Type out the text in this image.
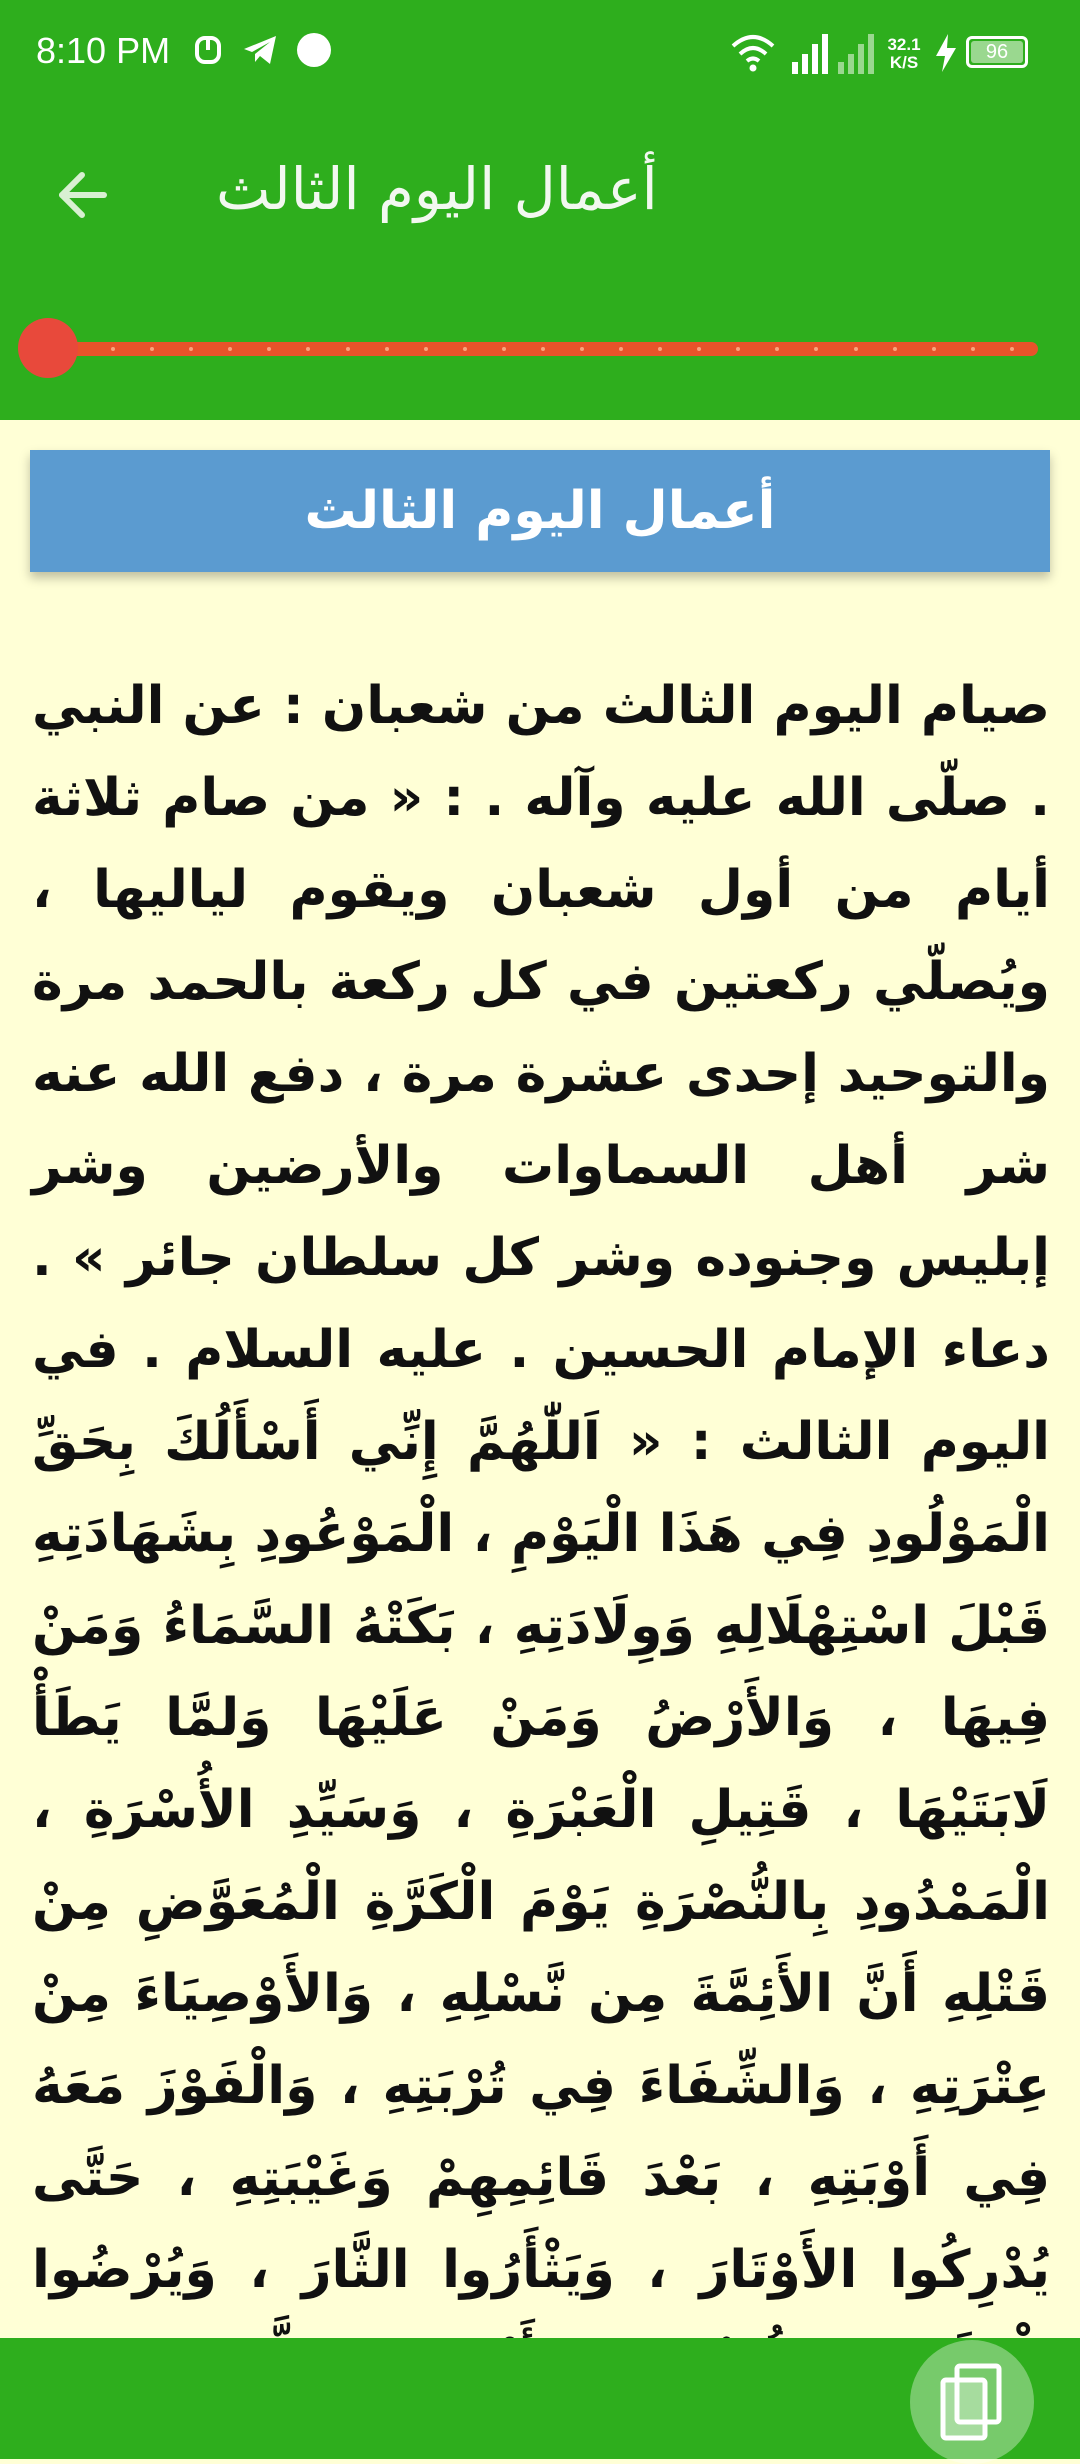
8:10 PM	32.1
K/S	96
أعمال اليوم الثالث
أعمال اليوم الثالث
صيام اليوم الثالث من شعبان : عن النبي . صلّى الله عليه وآله . : « من صام ثلاثة أيام من أول شعبان ويقوم لياليها ، ويُصلّي ركعتين في كل ركعة بالحمد مرة والتوحيد إحدى عشرة مرة ، دفع الله عنه شر أهل السماوات والأرضين وشر إبليس وجنوده وشر كل سلطان جائر » . دعاء الإمام الحسين . عليه السلام . في اليوم الثالث : « اَللّٰهُمَّ إِنِّي أَسْأَلُكَ بِحَقِّ الْمَوْلُودِ فِي هَذَا الْيَوْمِ ، الْمَوْعُودِ بِشَهَادَتِهِ قَبْلَ اسْتِهْلَالِهِ وَوِلَادَتِهِ ، بَكَتْهُ السَّمَاءُ وَمَنْ فِيهَا ، وَالأَرْضُ وَمَنْ عَلَيْهَا وَلمَّا يَطَأْ لَابَتَيْهَا ، قَتِيلِ الْعَبْرَةِ ، وَسَيِّدِ الأُسْرَةِ ، الْمَمْدُودِ بِالنُّصْرَةِ يَوْمَ الْكَرَّةِ الْمُعَوَّضِ مِنْ قَتْلِهِ أَنَّ الأَئِمَّةَ مِن نَّسْلِهِ ، وَالأَوْصِيَاءَ مِنْ عِتْرَتِهِ ، وَالشِّفَاءَ فِي تُرْبَتِهِ ، وَالْفَوْزَ مَعَهُ فِي أَوْبَتِهِ ، بَعْدَ قَائِمِهِمْ وَغَيْبَتِهِ ، حَتَّى يُدْرِكُوا الأَوْتَارَ ، وَيَثْأَرُوا الثَّارَ ، وَيُرْضُوا
